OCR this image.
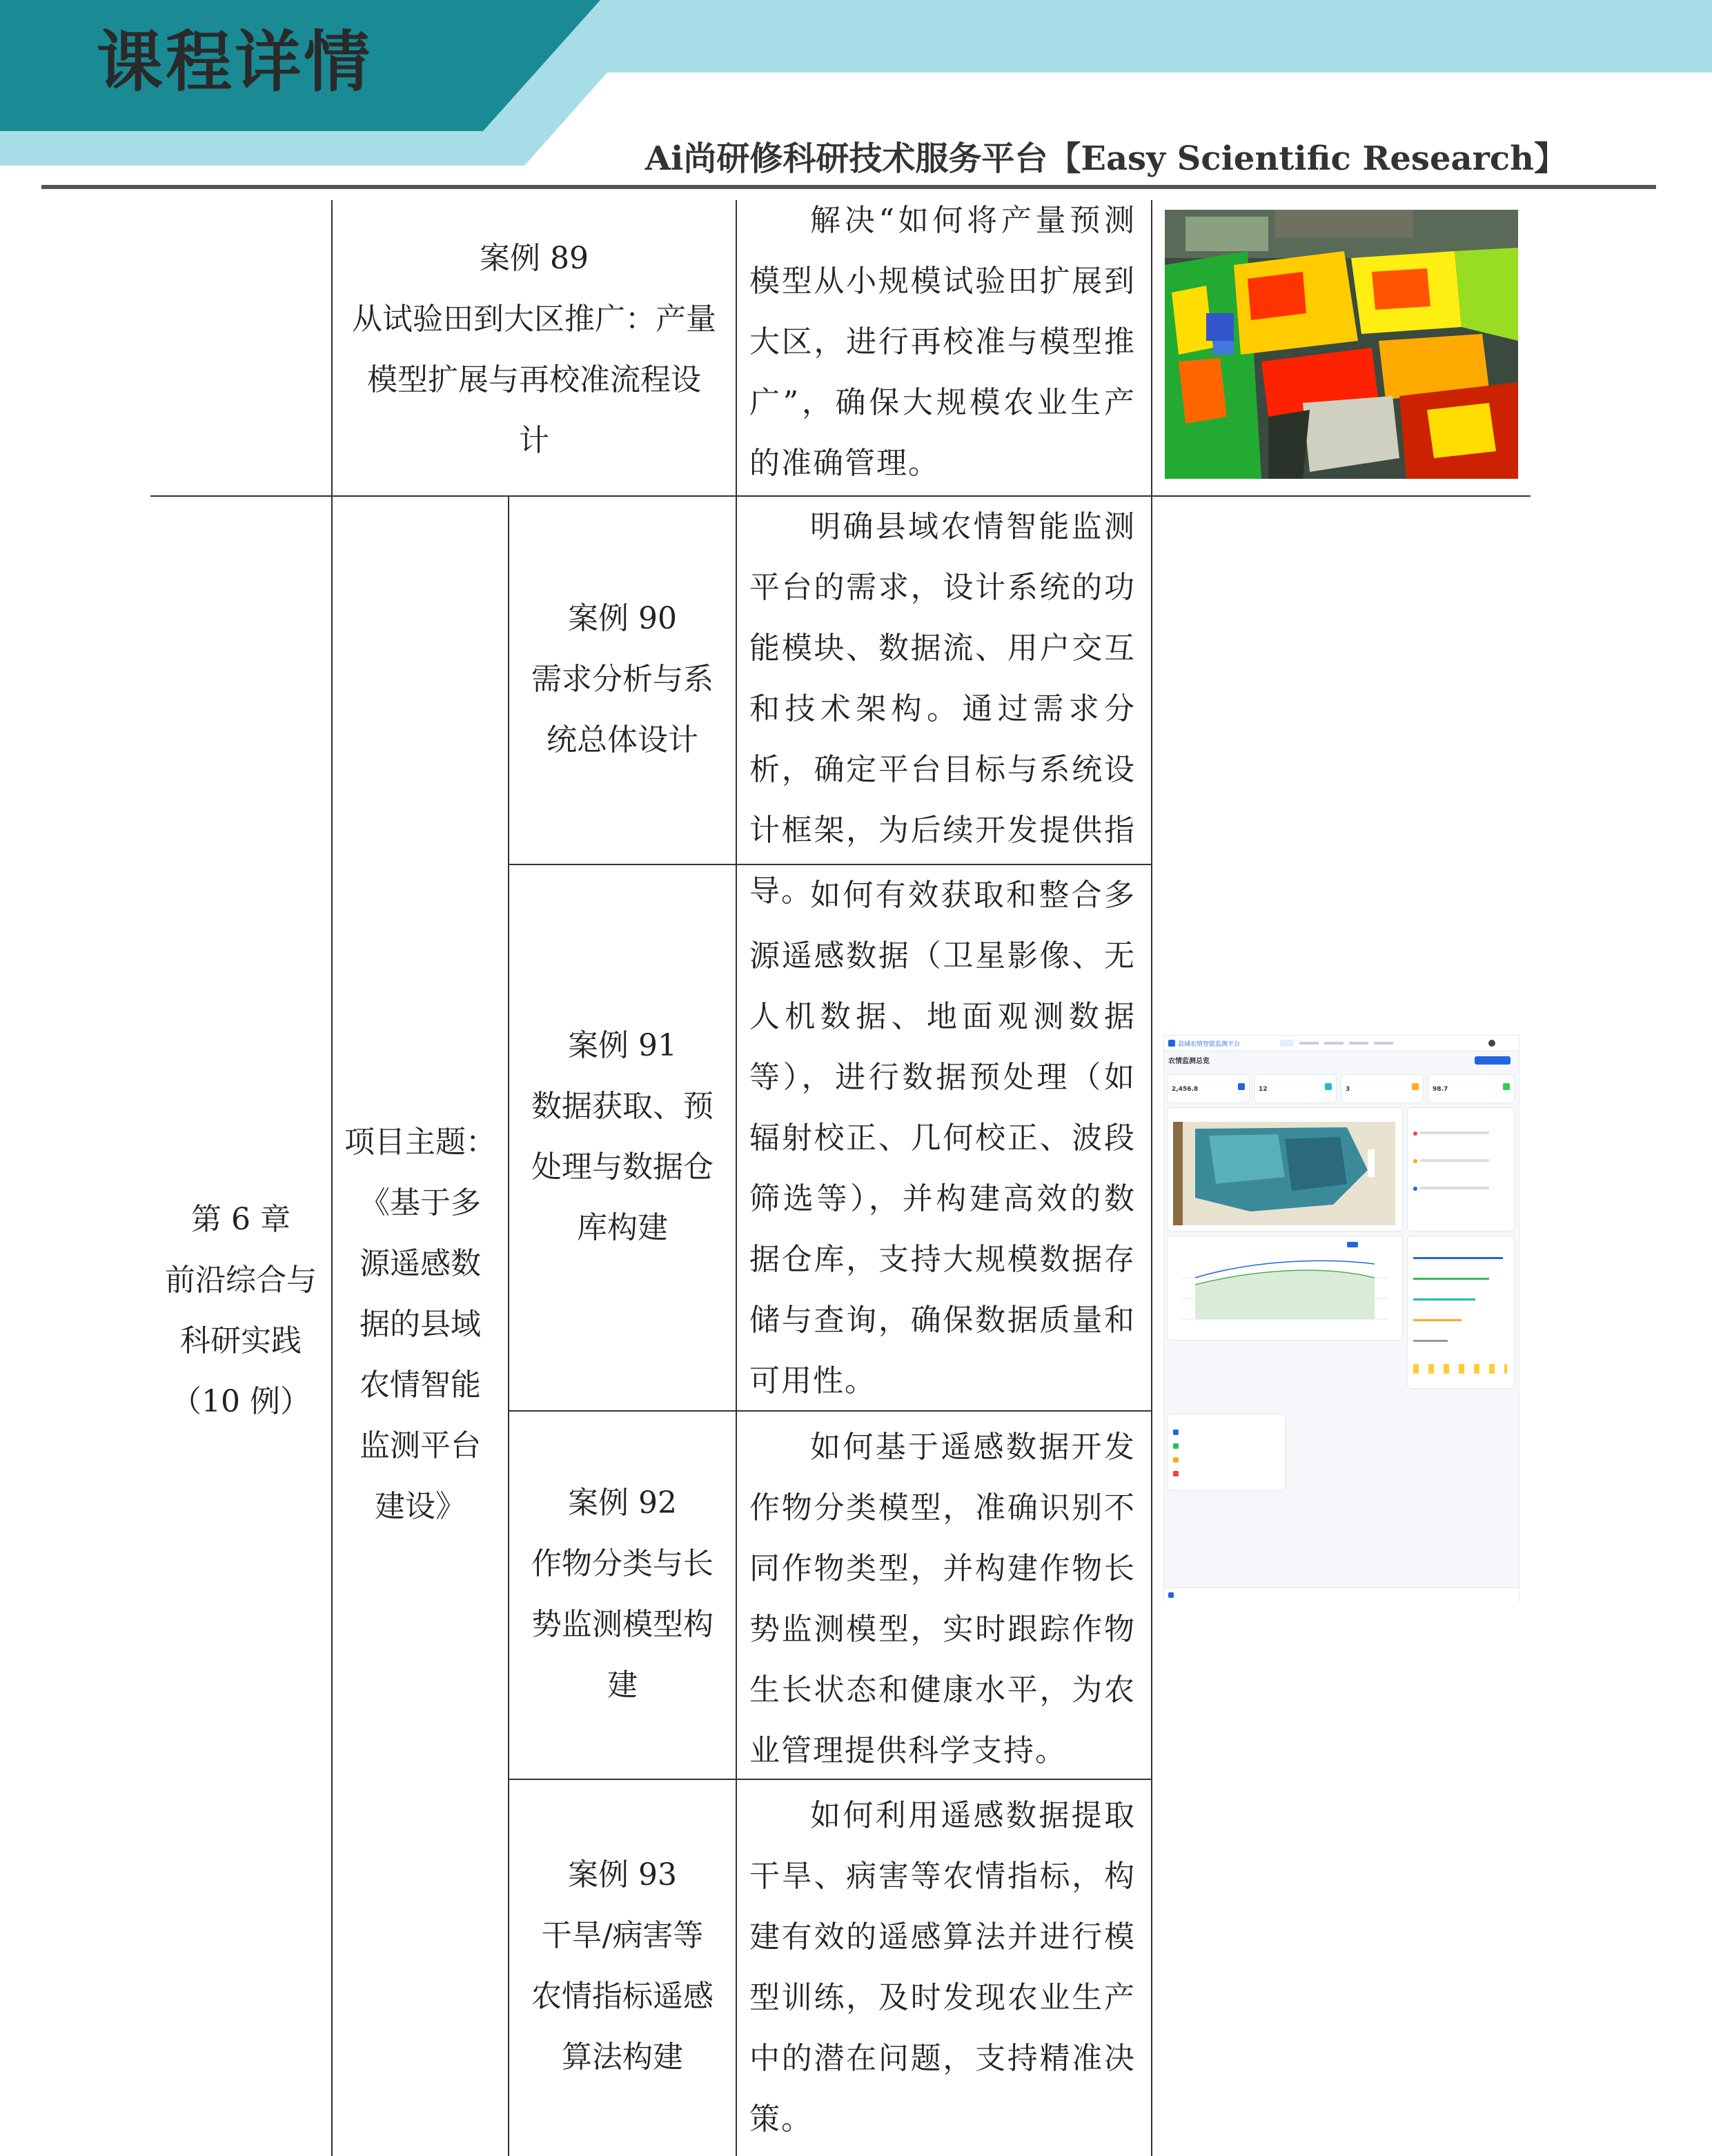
课程详情
Ai尚研修科研技术服务平台【Easy Scientific Research】
第 6 章
前沿综合与
科研实践
（10 例）
项目主题：
《基于多
源遥感数
据的县域
农情智能
监测平台
建设》
案例 89
从试验田到大区推广：产量
模型扩展与再校准流程设
计

解决“如何将产量预测模型从小规模试验田扩展到大区，进行再校准与模型推广”，确保大规模农业生产的准确管理。

案例 90
需求分析与系
统总体设计

明确县域农情智能监测平台的需求，设计系统的功能模块、数据流、用户交互和技术架构。通过需求分析，确定平台目标与系统设计框架，为后续开发提供指导。

案例 91
数据获取、预
处理与数据仓
库构建

如何有效获取和整合多源遥感数据（卫星影像、无人机数据、地面观测数据等），进行数据预处理（如辐射校正、几何校正、波段筛选等），并构建高效的数据仓库，支持大规模数据存储与查询，确保数据质量和可用性。

案例 92
作物分类与长
势监测模型构
建

如何基于遥感数据开发作物分类模型，准确识别不同作物类型，并构建作物长势监测模型，实时跟踪作物生长状态和健康水平，为农业管理提供科学支持。

案例 93
干旱/病害等
农情指标遥感
算法构建

如何利用遥感数据提取干旱、病害等农情指标，构建有效的遥感算法并进行模型训练，及时发现农业生产中的潜在问题，支持精准决策。

县域农情智能监测平台
农情监测总览
2,456.8	12	3	98.7
